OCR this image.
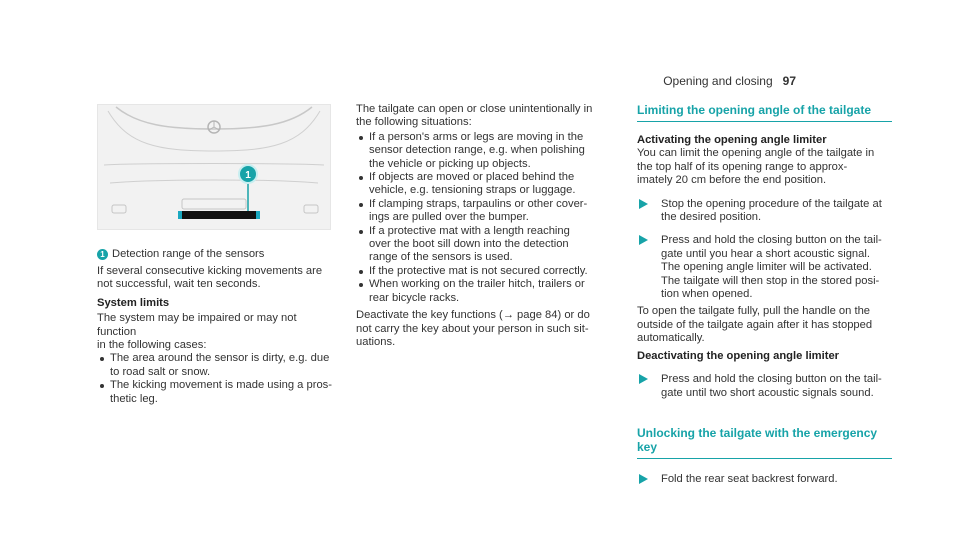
Opening and closing 97
1
1 Detection range of the sensors

If several consecutive kicking movements are
not successful, wait ten seconds.

System limits

The system may be impaired or may not function
in the following cases:

The area around the sensor is dirty, e.g. due
to road salt or snow.
The kicking movement is made using a pros-
thetic leg.

The tailgate can open or close unintentionally in
the following situations:

If a person's arms or legs are moving in the
sensor detection range, e.g. when polishing
the vehicle or picking up objects.
If objects are moved or placed behind the
vehicle, e.g. tensioning straps or luggage.
If clamping straps, tarpaulins or other cover-
ings are pulled over the bumper.
If a protective mat with a length reaching
over the boot sill down into the detection
range of the sensors is used.
If the protective mat is not secured correctly.
When working on the trailer hitch, trailers or
rear bicycle racks.

Deactivate the key functions (→ page 84) or do
not carry the key about your person in such sit-
uations.

Limiting the opening angle of the tailgate

Activating the opening angle limiter

You can limit the opening angle of the tailgate in
the top half of its opening range to approx-
imately 20 cm before the end position.

Stop the opening procedure of the tailgate at
the desired position.
Press and hold the closing button on the tail-
gate until you hear a short acoustic signal.
The opening angle limiter will be activated.
The tailgate will then stop in the stored posi-
tion when opened.

To open the tailgate fully, pull the handle on the
outside of the tailgate again after it has stopped
automatically.

Deactivating the opening angle limiter

Press and hold the closing button on the tail-
gate until two short acoustic signals sound.
Unlocking the tailgate with the emergency
key
Fold the rear seat backrest forward.
